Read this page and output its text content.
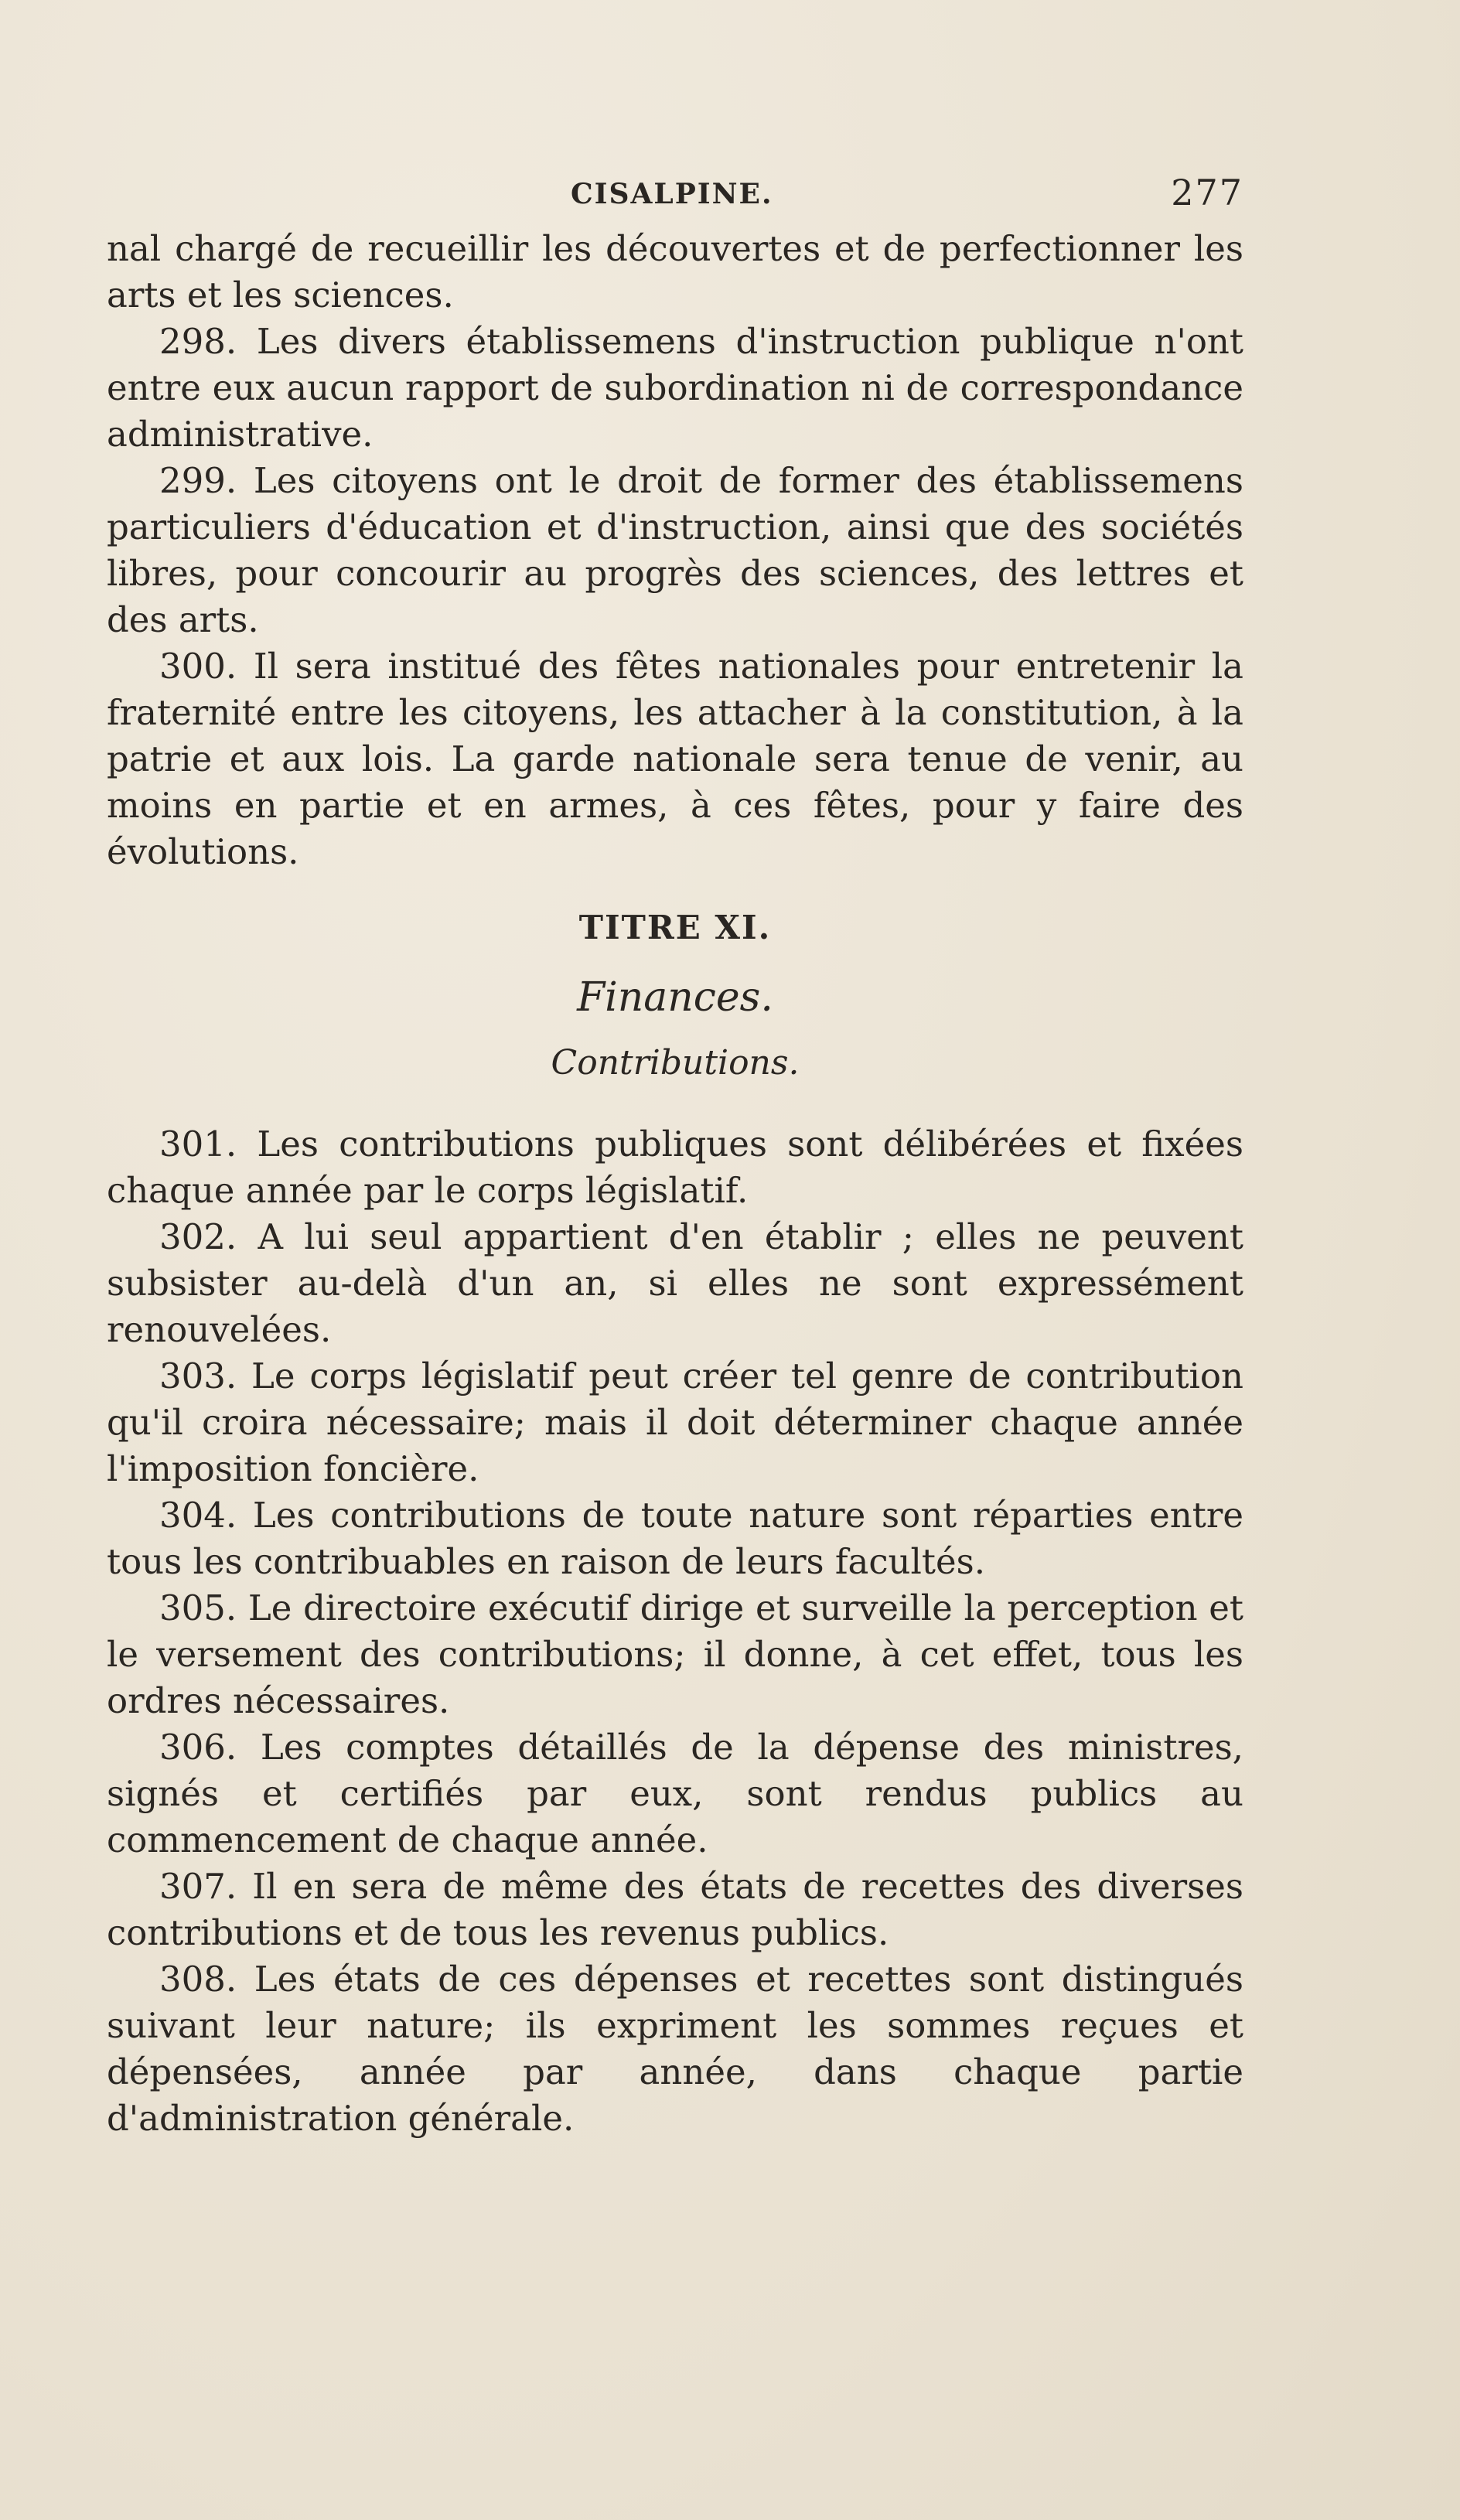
CISALPINE.	277

nal chargé de recueillir les découvertes et de perfectionner les arts et les sciences.

298. Les divers établissemens d'instruction publique n'ont entre eux aucun rapport de subordination ni de correspondance administrative.

299. Les citoyens ont le droit de former des établissemens particuliers d'éducation et d'instruction, ainsi que des sociétés libres, pour concourir au progrès des sciences, des lettres et des arts.

300. Il sera institué des fêtes nationales pour entretenir la fraternité entre les citoyens, les attacher à la constitution, à la patrie et aux lois. La garde nationale sera tenue de venir, au moins en partie et en armes, à ces fêtes, pour y faire des évolutions.

TITRE XI.
Finances.
Contributions.

301. Les contributions publiques sont délibérées et fixées chaque année par le corps législatif.

302. A lui seul appartient d'en établir ; elles ne peuvent subsister au-delà d'un an, si elles ne sont expressément renouvelées.

303. Le corps législatif peut créer tel genre de contribution qu'il croira nécessaire; mais il doit déterminer chaque année l'imposition foncière.

304. Les contributions de toute nature sont réparties entre tous les contribuables en raison de leurs facultés.

305. Le directoire exécutif dirige et surveille la perception et le versement des contributions; il donne, à cet effet, tous les ordres nécessaires.

306. Les comptes détaillés de la dépense des ministres, signés et certifiés par eux, sont rendus publics au commencement de chaque année.

307. Il en sera de même des états de recettes des diverses contributions et de tous les revenus publics.

308. Les états de ces dépenses et recettes sont distingués suivant leur nature; ils expriment les sommes reçues et dépensées, année par année, dans chaque partie d'administration générale.
